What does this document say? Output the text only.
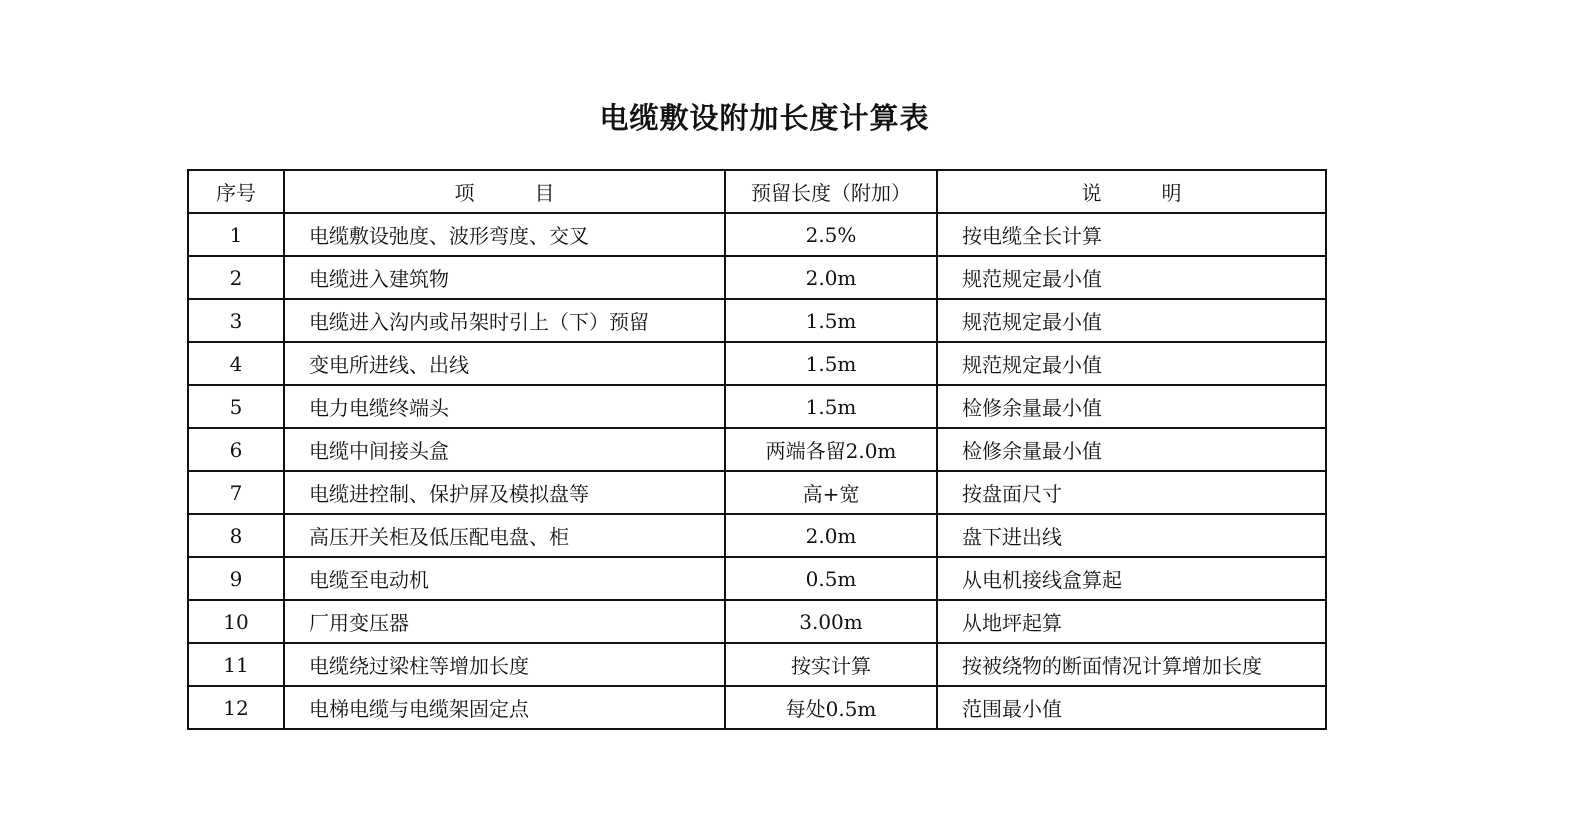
电缆敷设附加长度计算表
序号	项　　　目	预留长度（附加）	说　　　明
1	电缆敷设弛度、波形弯度、交叉	2.5%	按电缆全长计算
2	电缆进入建筑物	2.0m	规范规定最小值
3	电缆进入沟内或吊架时引上（下）预留	1.5m	规范规定最小值
4	变电所进线、出线	1.5m	规范规定最小值
5	电力电缆终端头	1.5m	检修余量最小值
6	电缆中间接头盒	两端各留2.0m	检修余量最小值
7	电缆进控制、保护屏及模拟盘等	高+宽	按盘面尺寸
8	高压开关柜及低压配电盘、柜	2.0m	盘下进出线
9	电缆至电动机	0.5m	从电机接线盒算起
10	厂用变压器	3.00m	从地坪起算
11	电缆绕过梁柱等增加长度	按实计算	按被绕物的断面情况计算增加长度
12	电梯电缆与电缆架固定点	每处0.5m	范围最小值
